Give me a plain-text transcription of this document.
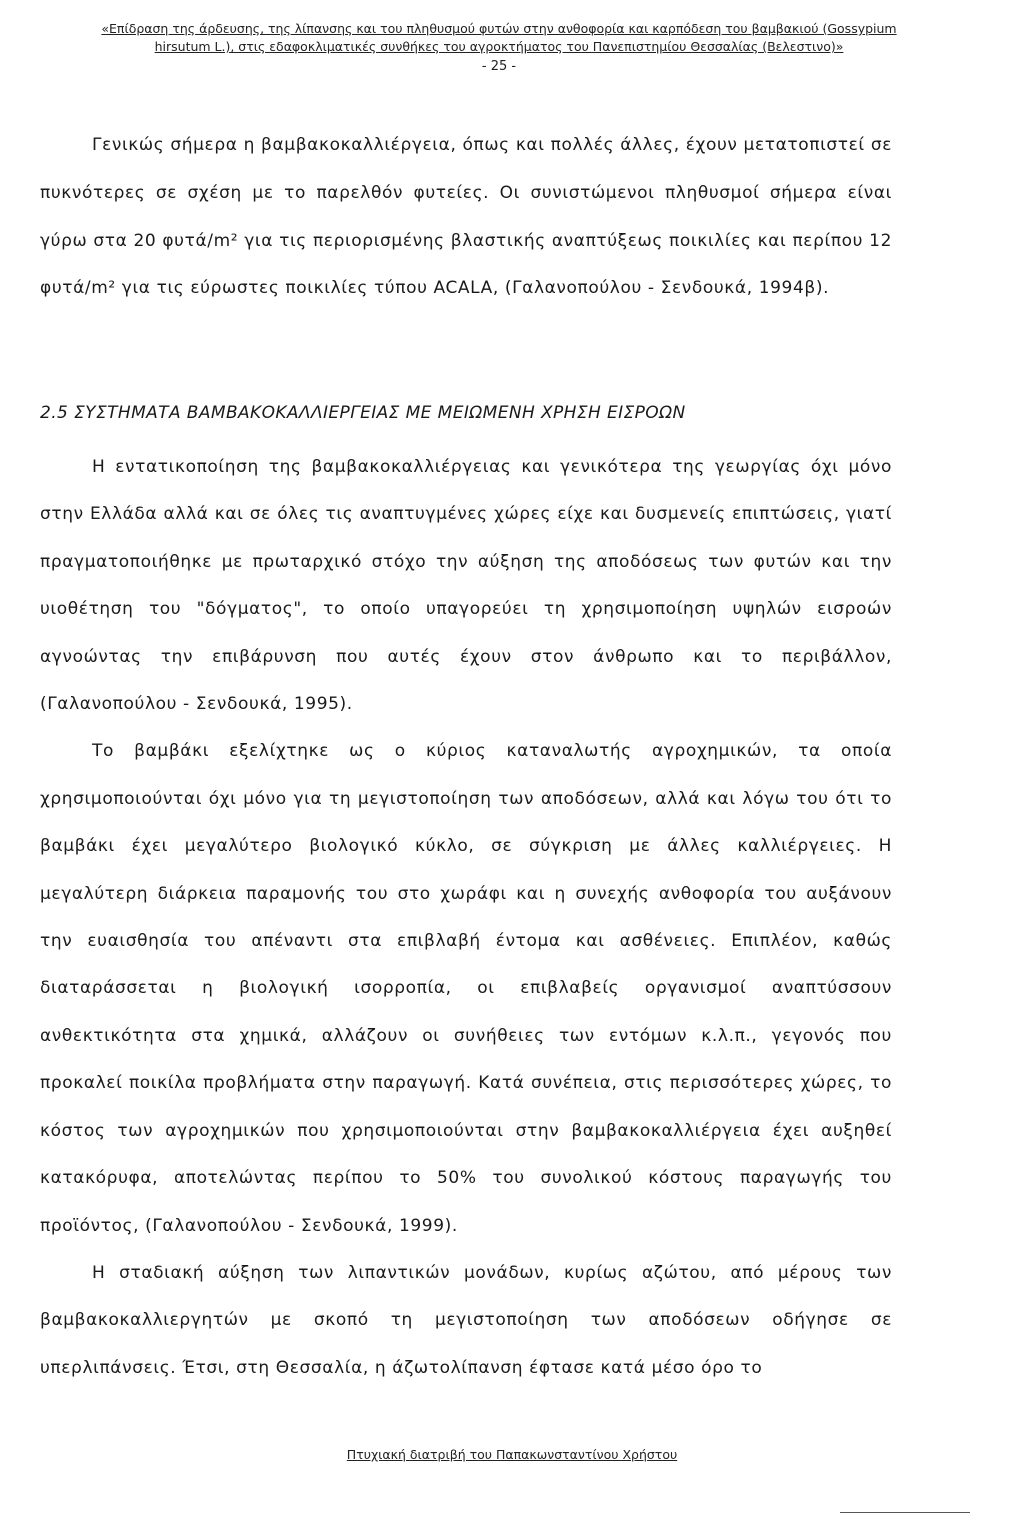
«Επίδραση της άρδευσης, της λίπανσης και του πληθυσμού φυτών στην ανθοφορία και καρπόδεση του βαμβακιού (Gossypium
hirsutum L.), στις εδαφοκλιματικές συνθήκες του αγροκτήματος του Πανεπιστημίου Θεσσαλίας (Βελεστινο)»
- 25 -

Γενικώς σήμερα η βαμβακοκαλλιέργεια, όπως και πολλές άλλες, έχουν μετατοπιστεί σε πυκνότερες σε σχέση με το παρελθόν φυτείες. Οι συνιστώμενοι πληθυσμοί σήμερα είναι γύρω στα 20 φυτά/m² για τις περιορισμένης βλαστικής αναπτύξεως ποικιλίες και περίπου 12 φυτά/m² για τις εύρωστες ποικιλίες τύπου ACALA, (Γαλανοπούλου - Σενδουκά, 1994β).

2.5 ΣΥΣΤΗΜΑΤΑ ΒΑΜΒΑΚΟΚΑΛΛΙΕΡΓΕΙΑΣ ΜΕ ΜΕΙΩΜΕΝΗ ΧΡΗΣΗ ΕΙΣΡΟΩΝ

Η εντατικοποίηση της βαμβακοκαλλιέργειας και γενικότερα της γεωργίας όχι μόνο στην Ελλάδα αλλά και σε όλες τις αναπτυγμένες χώρες είχε και δυσμενείς επιπτώσεις, γιατί πραγματοποιήθηκε με πρωταρχικό στόχο την αύξηση της αποδόσεως των φυτών και την υιοθέτηση του "δόγματος", το οποίο υπαγορεύει τη χρησιμοποίηση υψηλών εισροών αγνοώντας την επιβάρυνση που αυτές έχουν στον άνθρωπο και το περιβάλλον, (Γαλανοπούλου - Σενδουκά, 1995).

Το βαμβάκι εξελίχτηκε ως ο κύριος καταναλωτής αγροχημικών, τα οποία χρησιμοποιούνται όχι μόνο για τη μεγιστοποίηση των αποδόσεων, αλλά και λόγω του ότι το βαμβάκι έχει μεγαλύτερο βιολογικό κύκλο, σε σύγκριση με άλλες καλλιέργειες. Η μεγαλύτερη διάρκεια παραμονής του στο χωράφι και η συνεχής ανθοφορία του αυξάνουν την ευαισθησία του απέναντι στα επιβλαβή έντομα και ασθένειες. Επιπλέον, καθώς διαταράσσεται η βιολογική ισορροπία, οι επιβλαβείς οργανισμοί αναπτύσσουν ανθεκτικότητα στα χημικά, αλλάζουν οι συνήθειες των εντόμων κ.λ.π., γεγονός που προκαλεί ποικίλα προβλήματα στην παραγωγή. Κατά συνέπεια, στις περισσότερες χώρες, το κόστος των αγροχημικών που χρησιμοποιούνται στην βαμβακοκαλλιέργεια έχει αυξηθεί κατακόρυφα, αποτελώντας περίπου το 50% του συνολικού κόστους παραγωγής του προϊόντος, (Γαλανοπούλου - Σενδουκά, 1999).

Η σταδιακή αύξηση των λιπαντικών μονάδων, κυρίως αζώτου, από μέρους των βαμβακοκαλλιεργητών με σκοπό τη μεγιστοποίηση των αποδόσεων οδήγησε σε υπερλιπάνσεις. Έτσι, στη Θεσσαλία, η άζωτολίπανση έφτασε κατά μέσο όρο το

Πτυχιακή διατριβή του Παπακωνσταντίνου Χρήστου
